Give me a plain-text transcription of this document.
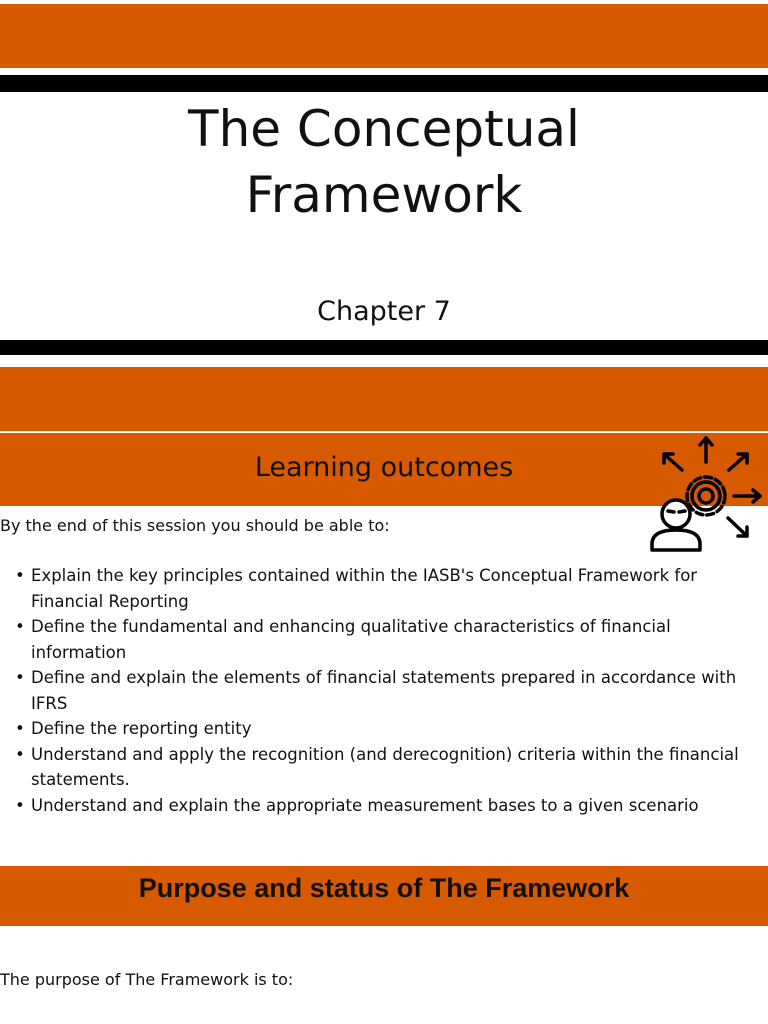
The Conceptual
Framework
Chapter 7
Learning outcomes
By the end of this session you should be able to:
• Explain the key principles contained within the IASB's Conceptual Framework for Financial Reporting
• Define the fundamental and enhancing qualitative characteristics of financial information
• Define and explain the elements of financial statements prepared in accordance with IFRS
• Define the reporting entity
• Understand and apply the recognition (and derecognition) criteria within the financial statements.
• Understand and explain the appropriate measurement bases to a given scenario
Purpose and status of The Framework
The purpose of The Framework is to:
